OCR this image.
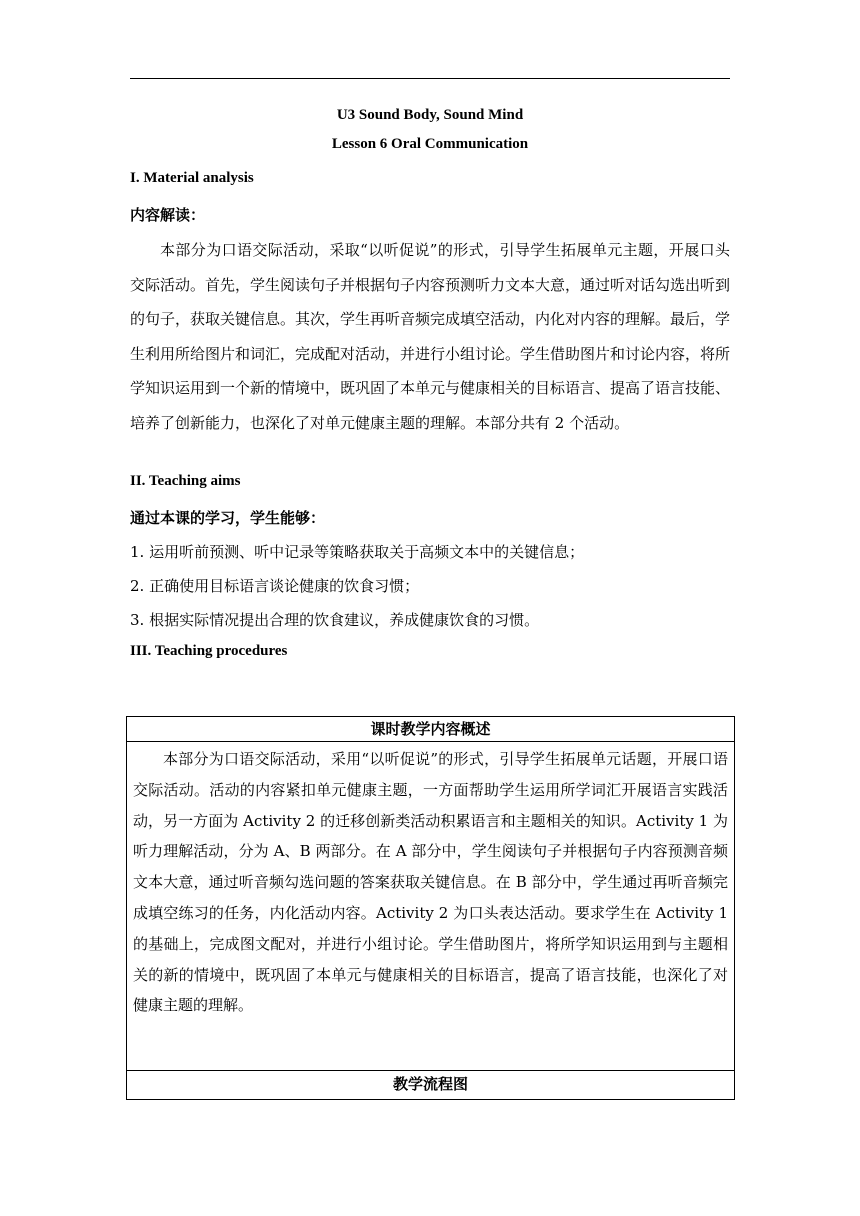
U3 Sound Body, Sound Mind
Lesson 6 Oral Communication
I. Material analysis
内容解读：
本部分为口语交际活动，采取“以听促说”的形式，引导学生拓展单元主题，开展口头交际活动。首先，学生阅读句子并根据句子内容预测听力文本大意，通过听对话勾选出听到的句子，获取关键信息。其次，学生再听音频完成填空活动，内化对内容的理解。最后，学生利用所给图片和词汇，完成配对活动，并进行小组讨论。学生借助图片和讨论内容，将所学知识运用到一个新的情境中，既巩固了本单元与健康相关的目标语言、提高了语言技能、培养了创新能力，也深化了对单元健康主题的理解。本部分共有 2 个活动。
II. Teaching aims
通过本课的学习，学生能够：
1. 运用听前预测、听中记录等策略获取关于高频文本中的关键信息；
2. 正确使用目标语言谈论健康的饮食习惯；
3. 根据实际情况提出合理的饮食建议，养成健康饮食的习惯。
III. Teaching procedures
课时教学内容概述
本部分为口语交际活动，采用“以听促说”的形式，引导学生拓展单元话题，开展口语交际活动。活动的内容紧扣单元健康主题，一方面帮助学生运用所学词汇开展语言实践活动，另一方面为 Activity 2 的迁移创新类活动积累语言和主题相关的知识。Activity 1 为听力理解活动，分为 A、B 两部分。在 A 部分中，学生阅读句子并根据句子内容预测音频文本大意，通过听音频勾选问题的答案获取关键信息。在 B 部分中，学生通过再听音频完成填空练习的任务，内化活动内容。Activity 2 为口头表达活动。要求学生在 Activity 1 的基础上，完成图文配对，并进行小组讨论。学生借助图片，将所学知识运用到与主题相关的新的情境中，既巩固了本单元与健康相关的目标语言，提高了语言技能，也深化了对健康主题的理解。
教学流程图
